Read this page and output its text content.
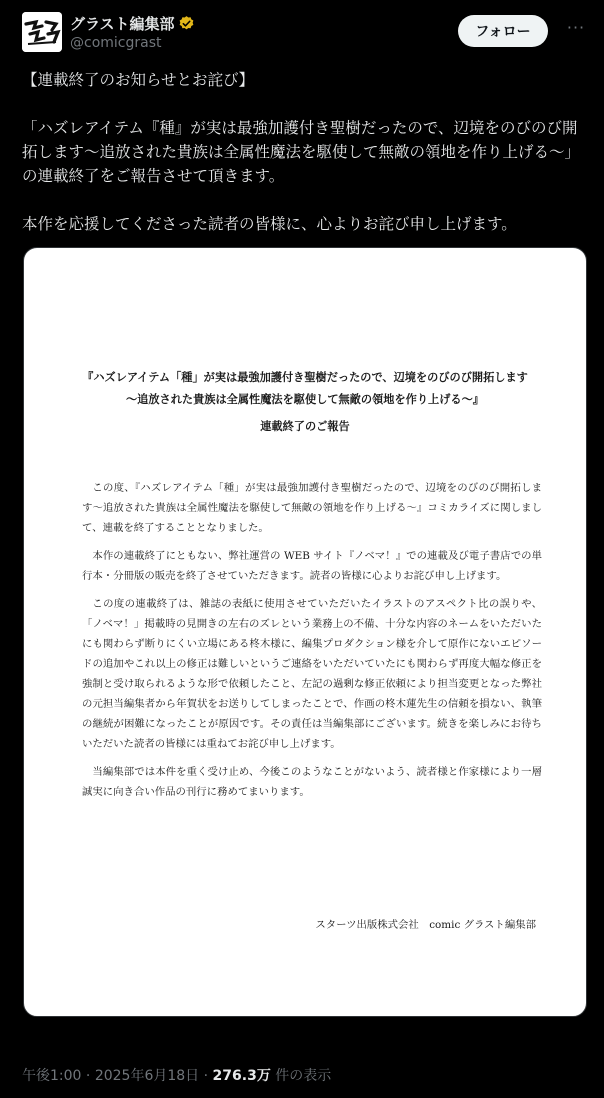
グラスト編集部
@comicgrast
フォロー	···

【連載終了のお知らせとお詫び】

「ハズレアイテム『種』が実は最強加護付き聖樹だったので、辺境をのびのび開拓します〜追放された貴族は全属性魔法を駆使して無敵の領地を作り上げる〜」の連載終了をご報告させて頂きます。

本作を応援してくださった読者の皆様に、心よりお詫び申し上げます。

『ハズレアイテム「種」が実は最強加護付き聖樹だったので、辺境をのびのび開拓します
〜追放された貴族は全属性魔法を駆使して無敵の領地を作り上げる〜』
連載終了のご報告

この度、『ハズレアイテム「種」が実は最強加護付き聖樹だったので、辺境をのびのび開拓します〜追放された貴族は全属性魔法を駆使して無敵の領地を作り上げる〜』コミカライズに関しまして、連載を終了することとなりました。

本作の連載終了にともない、弊社運営の WEB サイト『ノベマ！』での連載及び電子書店での単行本・分冊版の販売を終了させていただきます。読者の皆様に心よりお詫び申し上げます。

この度の連載終了は、雑誌の表紙に使用させていただいたイラストのアスペクト比の誤りや、「ノベマ！」掲載時の見開きの左右のズレという業務上の不備、十分な内容のネームをいただいたにも関わらず断りにくい立場にある柊木様に、編集プロダクション様を介して原作にないエピソードの追加やこれ以上の修正は難しいというご連絡をいただいていたにも関わらず再度大幅な修正を強制と受け取られるような形で依頼したこと、左記の過剰な修正依頼により担当変更となった弊社の元担当編集者から年賀状をお送りしてしまったことで、作画の柊木蓮先生の信頼を損ない、執筆の継続が困難になったことが原因です。その責任は当編集部にございます。続きを楽しみにお待ちいただいた読者の皆様には重ねてお詫び申し上げます。

当編集部では本件を重く受け止め、今後このようなことがないよう、読者様と作家様により一層誠実に向き合い作品の刊行に務めてまいります。

スターツ出版株式会社　comic グラスト編集部
午後1:00 · 2025年6月18日 · 276.3万 件の表示
